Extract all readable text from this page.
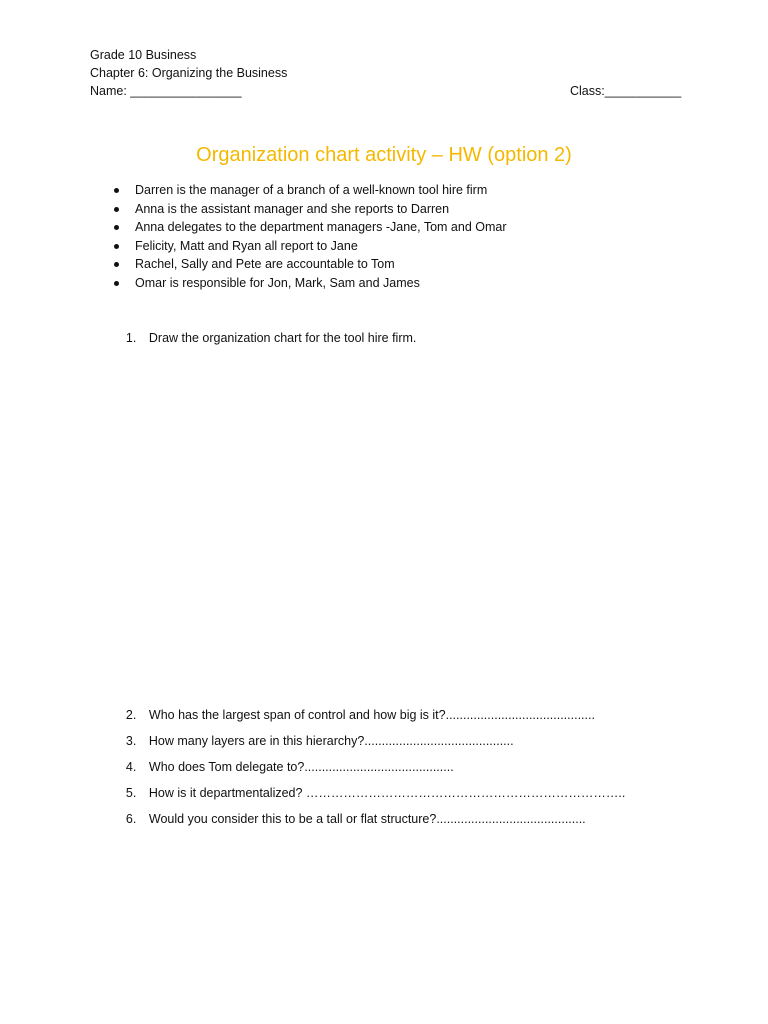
Grade 10 Business
Chapter 6: Organizing the Business
Name: ________________	Class:___________
Organization chart activity – HW (option 2)
Darren is the manager of a branch of a well-known tool hire firm
Anna is the assistant manager and she reports to Darren
Anna delegates to the department managers -Jane, Tom and Omar
Felicity, Matt and Ryan all report to Jane
Rachel, Sally and Pete are accountable to Tom
Omar is responsible for Jon, Mark, Sam and James

1. Draw the organization chart for the tool hire firm.

2. Who has the largest span of control and how big is it?...........................................

3. How many layers are in this hierarchy?...........................................

4. Who does Tom delegate to?...........................................

5. How is it departmentalized? …………………………………………………………………..

6. Would you consider this to be a tall or flat structure?...........................................
